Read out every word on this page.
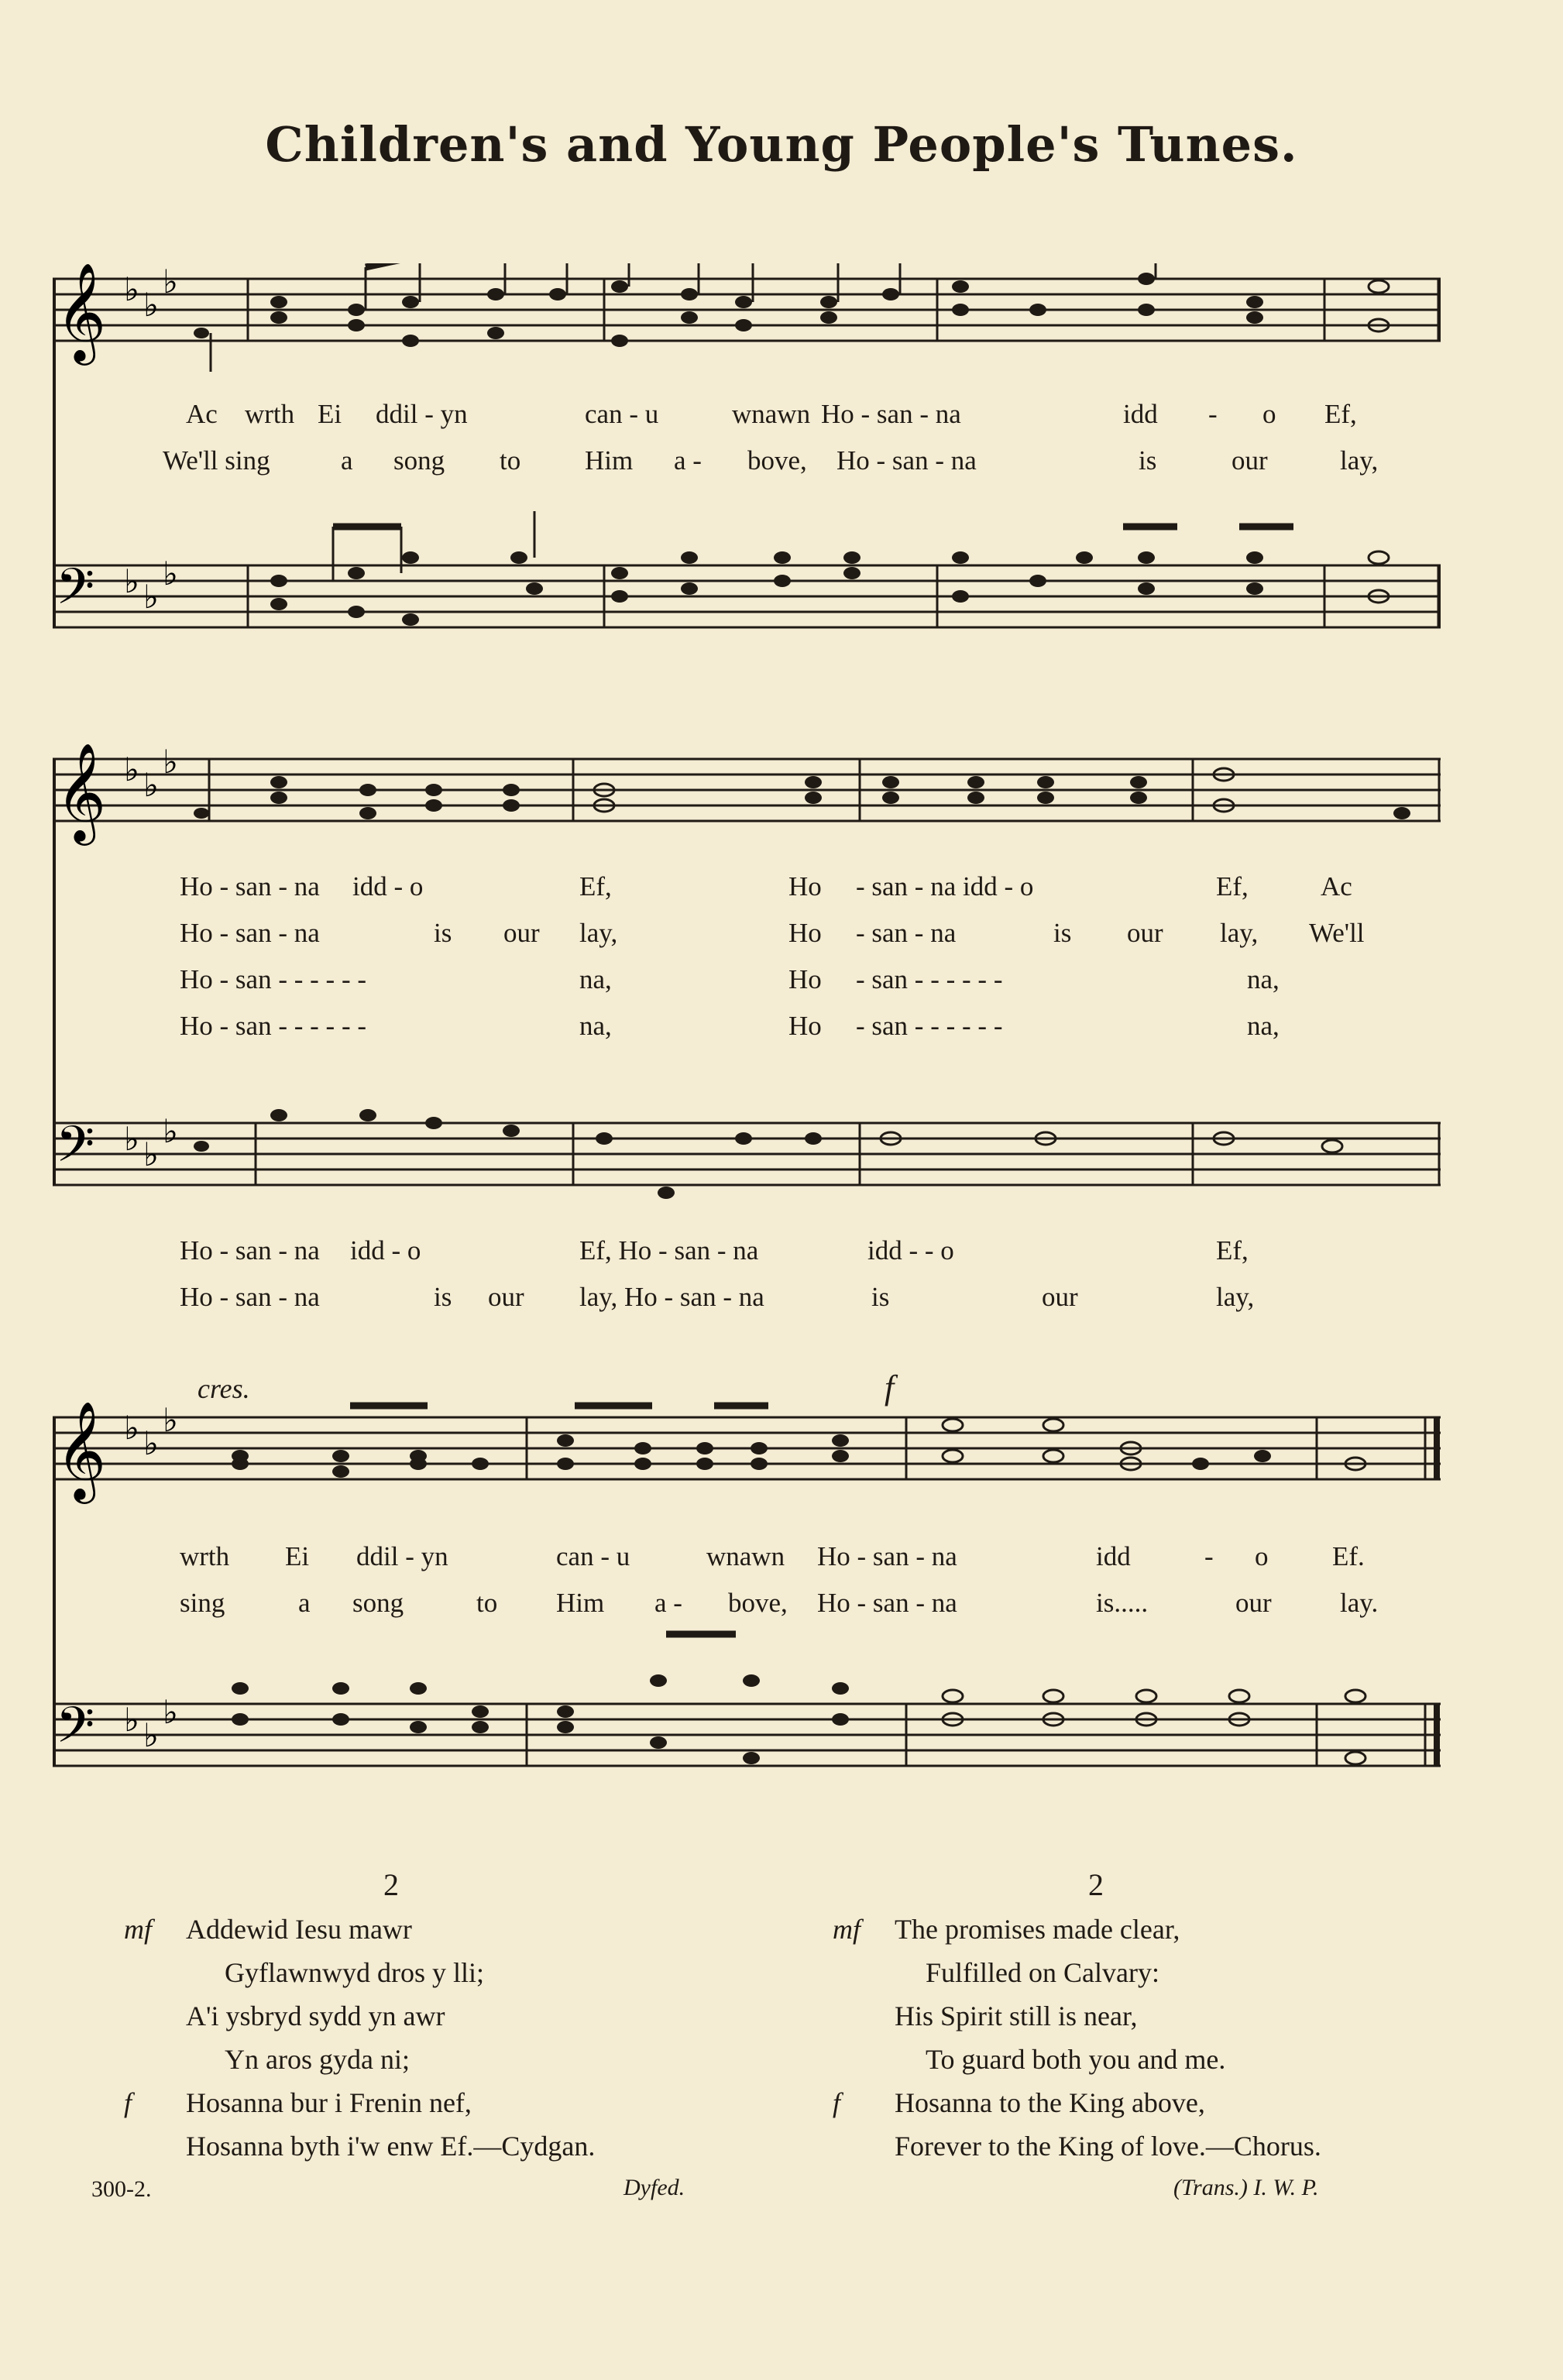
Children's and Young People's Tunes.
𝄞
𝄢
♭ ♭
♭
♭ ♭
♭
Ac wrth Ei ddil - yn	can - u	wnawn Ho - san - na	idd - o Ef,
We'll sing	a song to Him a - bove, Ho - san - na	is	our	lay,
𝄞 ♭ ♭
♭
Ho - san - na idd - o	Ef,	Ho - san - na idd - o	Ef,	Ac
Ho - san - na	is our lay,	Ho - san - na	is our lay, We'll
Ho - san - - - - - -	na,	Ho - san - - - - - -	na,
Ho - san - - - - - -	na,	Ho - san - - - - - -	na,
𝄢 ♭ ♭
♭
Ho - san - na idd - o	Ef, Ho - san - na	idd - - o	Ef,
Ho - san - na	is our lay, Ho - san - na	is	our	lay,
cres.	f
𝄞
𝄢
♭ ♭
♭
♭ ♭
♭
wrth Ei ddil - yn	can - u	wnawn Ho - san - na	idd	- o Ef.
sing	a song	to Him a - bove, Ho - san - na	is.....	our	lay.
2	2
mf Addewid Iesu mawr
Gyflawnwyd dros y lli;
A'i ysbryd sydd yn awr
Yn aros gyda ni;
f Hosanna bur i Frenin nef,
Hosanna byth i'w enw Ef.—Cydgan.
mf The promises made clear,
Fulfilled on Calvary:
His Spirit still is near,
To guard both you and me.
f Hosanna to the King above,
Forever to the King of love.—Chorus.
300-2.	Dyfed.	(Trans.) I. W. P.
